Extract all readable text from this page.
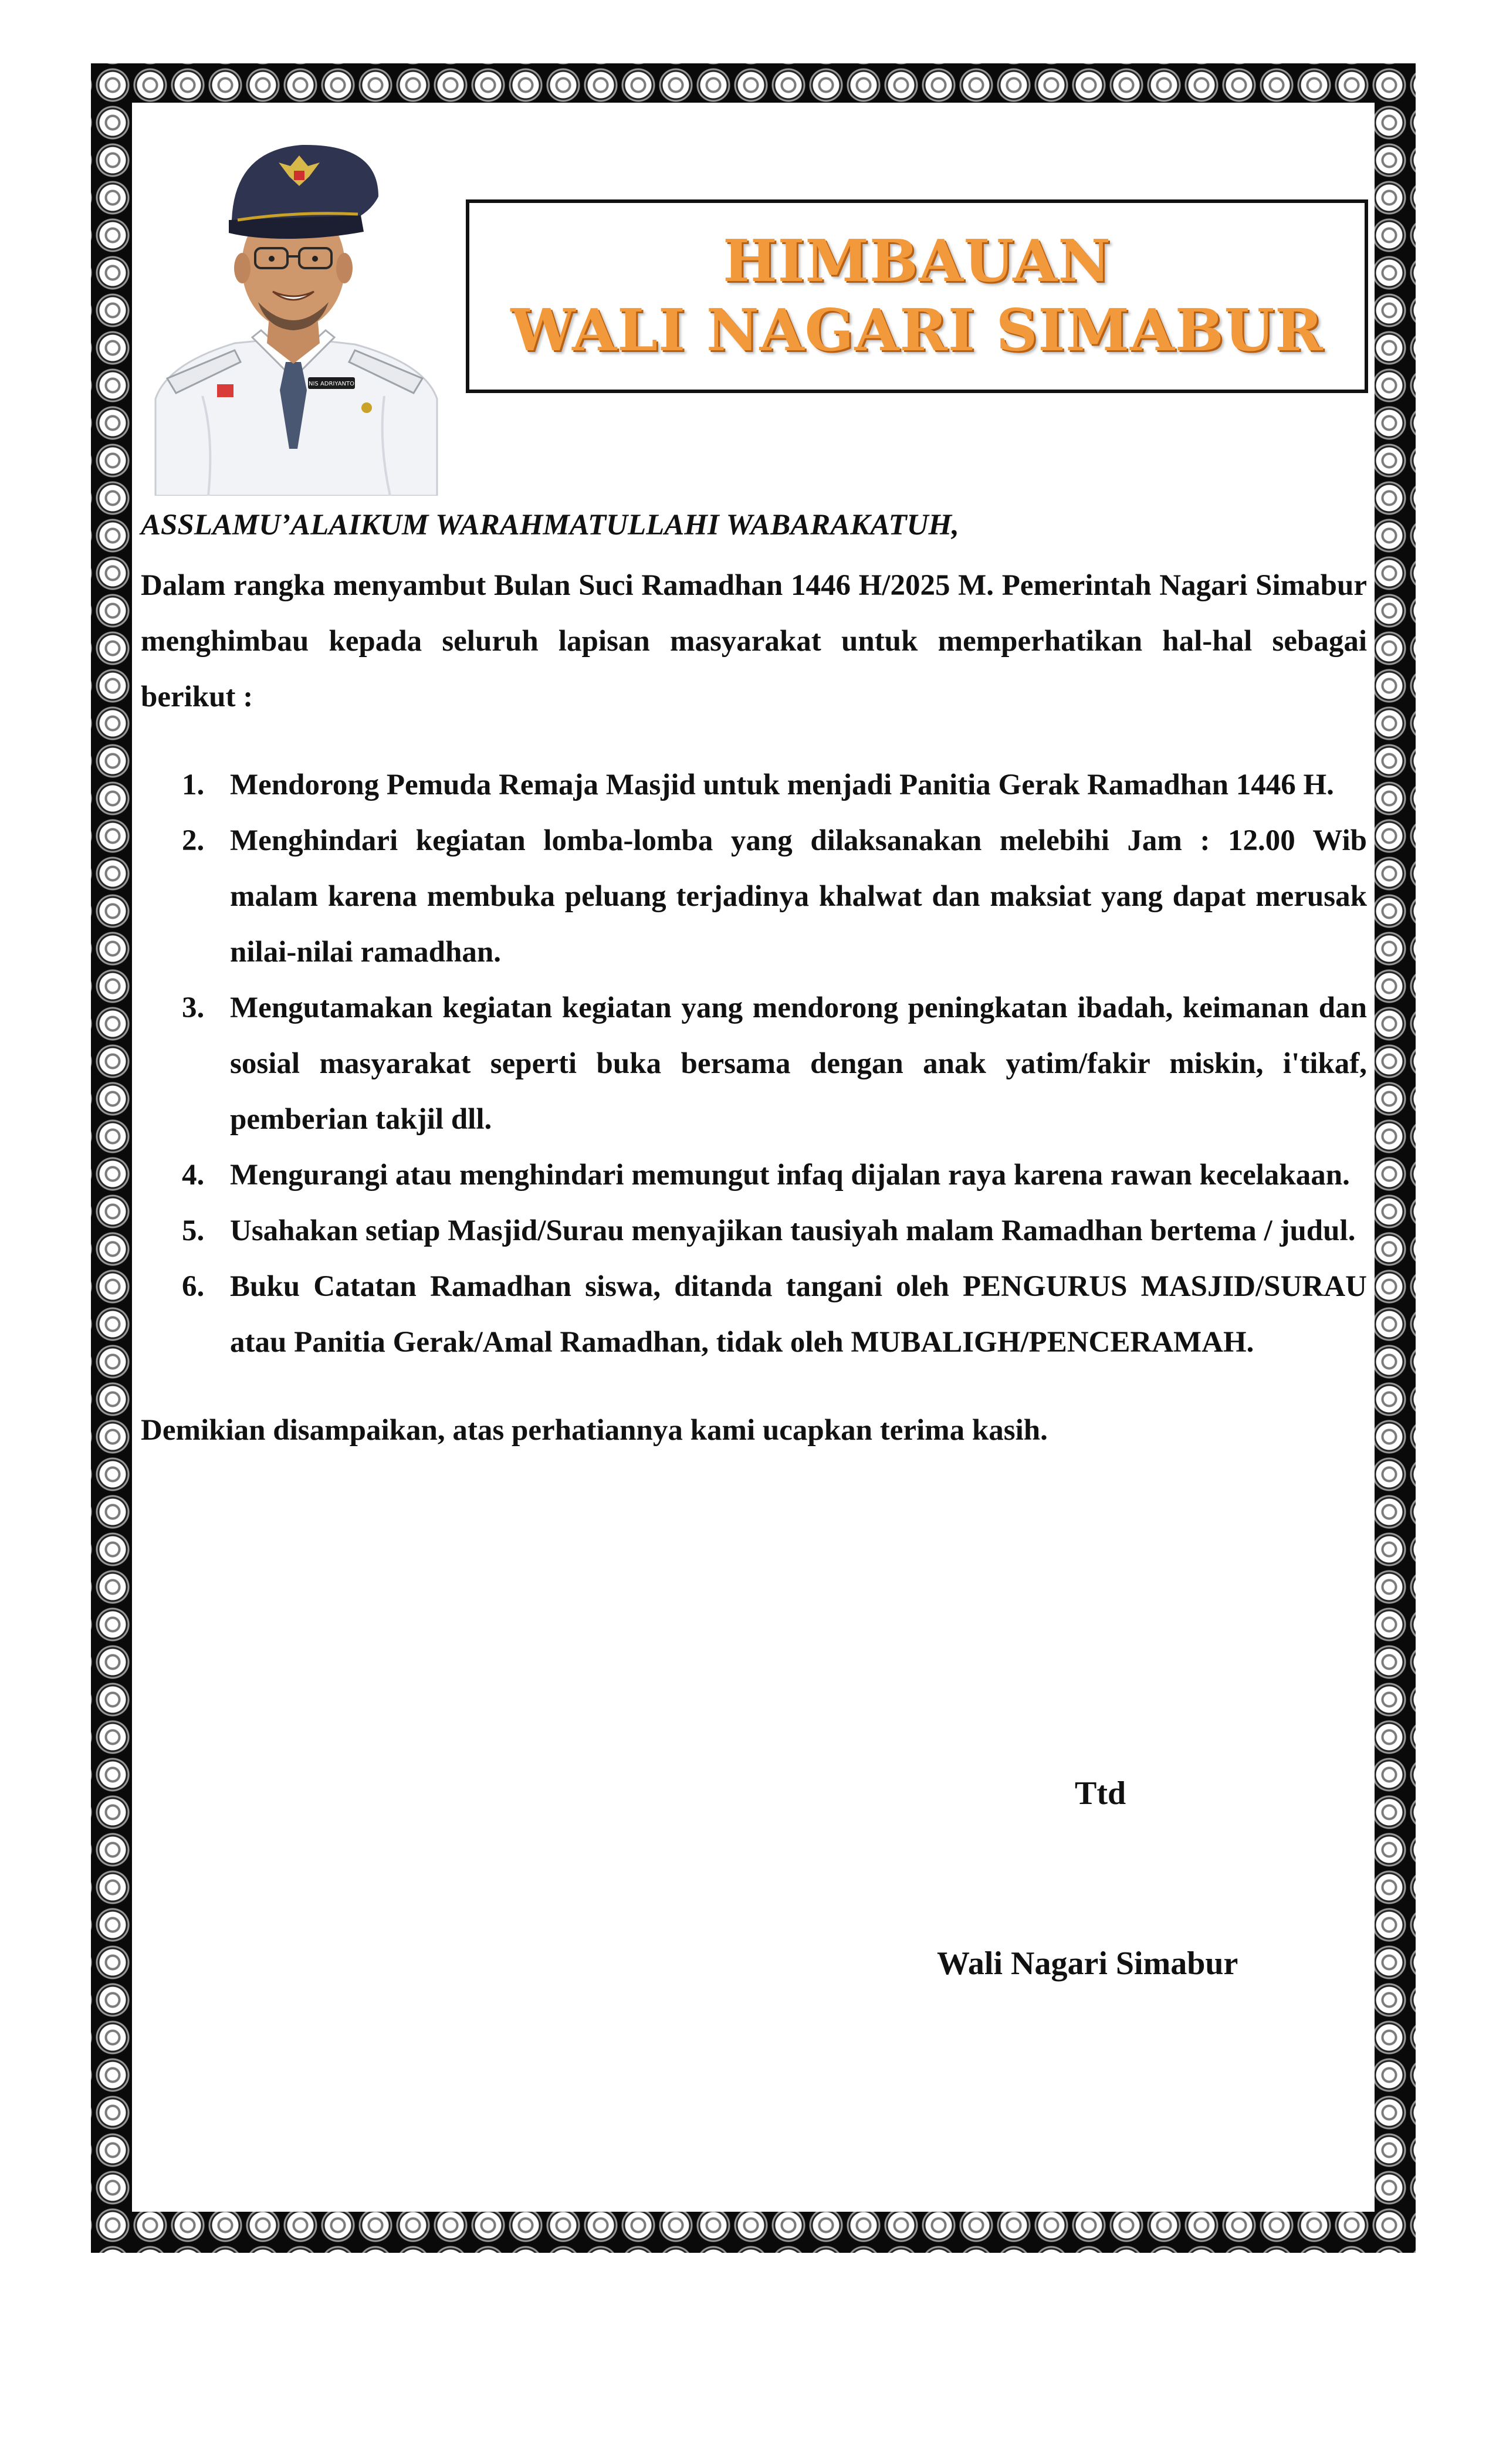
NIS ADRIYANTO
HIMBAUAN
WALI NAGARI SIMABUR

ASSLAMU’ALAIKUM WARAHMATULLAHI WABARAKATUH,

Dalam rangka menyambut Bulan Suci Ramadhan 1446 H/2025 M. Pemerintah Nagari Simabur menghimbau kepada seluruh lapisan masyarakat untuk memperhatikan hal-hal sebagai berikut :

1. Mendorong Pemuda Remaja Masjid untuk menjadi Panitia Gerak Ramadhan 1446 H.
2. Menghindari kegiatan lomba-lomba yang dilaksanakan melebihi Jam : 12.00 Wib malam karena membuka peluang terjadinya khalwat dan maksiat yang dapat merusak nilai-nilai ramadhan.
3. Mengutamakan kegiatan kegiatan yang mendorong peningkatan ibadah, keimanan dan sosial masyarakat seperti buka bersama dengan anak yatim/fakir miskin, i'tikaf, pemberian takjil dll.
4. Mengurangi atau menghindari memungut infaq dijalan raya karena rawan kecelakaan.
5. Usahakan setiap Masjid/Surau menyajikan tausiyah malam Ramadhan bertema / judul.
6. Buku Catatan Ramadhan siswa, ditanda tangani oleh PENGURUS MASJID/SURAU atau Panitia Gerak/Amal Ramadhan, tidak oleh MUBALIGH/PENCERAMAH.

Demikian disampaikan, atas perhatiannya kami ucapkan terima kasih.

Ttd
Wali Nagari Simabur
